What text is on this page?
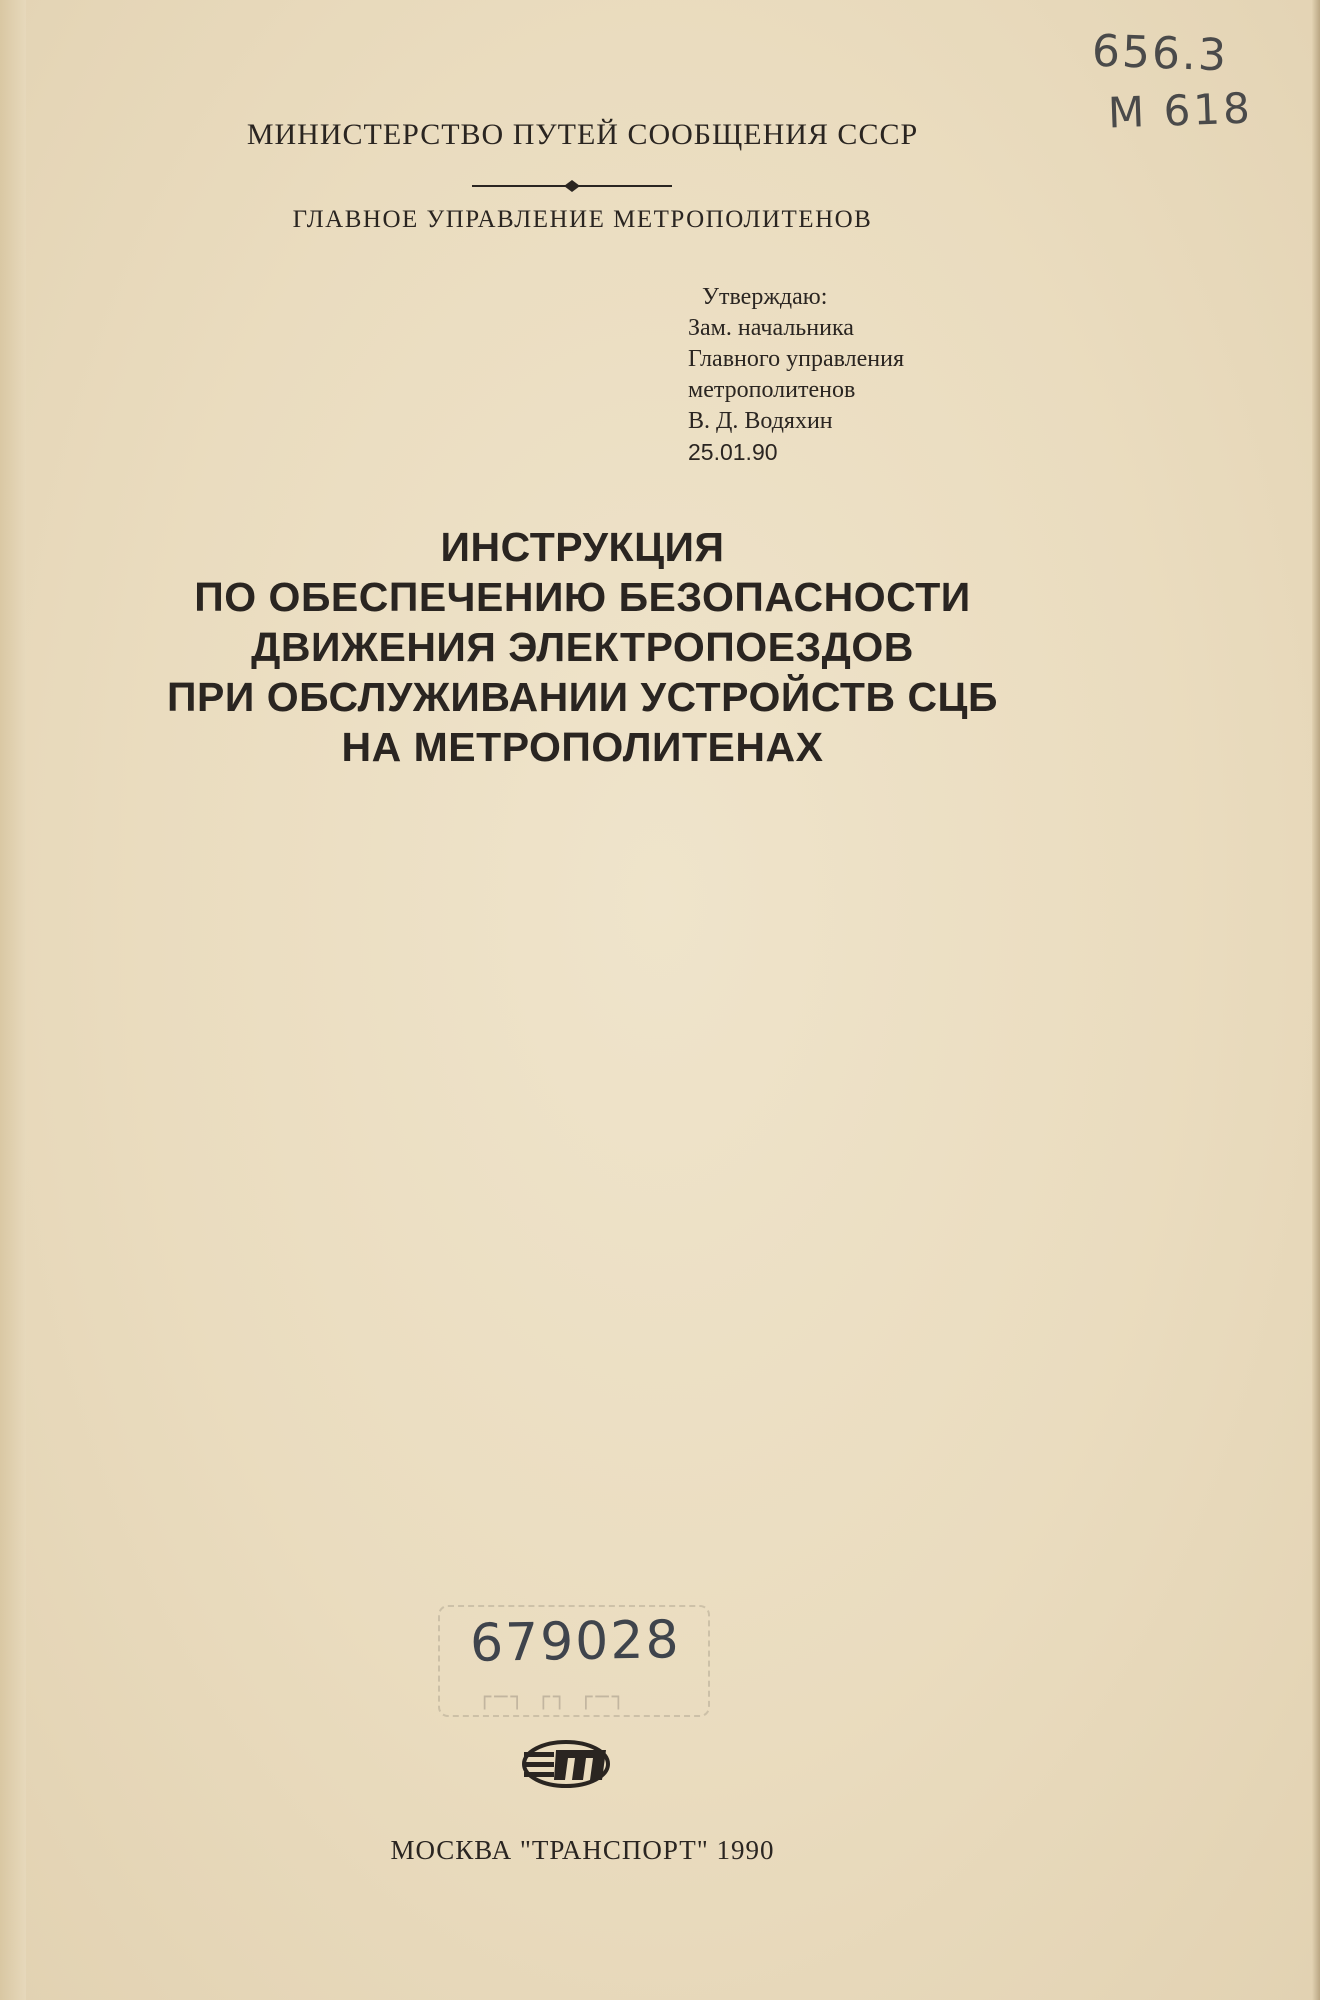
656.3
М 618
МИНИСТЕРСТВО ПУТЕЙ СООБЩЕНИЯ СССР
ГЛАВНОЕ УПРАВЛЕНИЕ МЕТРОПОЛИТЕНОВ
Утверждаю:
Зам. начальника
Главного управления
метрополитенов
В. Д. Водяхин
25.01.90
ИНСТРУКЦИЯ
ПО ОБЕСПЕЧЕНИЮ БЕЗОПАСНОСТИ
ДВИЖЕНИЯ ЭЛЕКТРОПОЕЗДОВ
ПРИ ОБСЛУЖИВАНИИ УСТРОЙСТВ СЦБ
НА МЕТРОПОЛИТЕНАХ
┌─┐ ┌┐ ┌─┐
679028
МОСКВА "ТРАНСПОРТ" 1990
